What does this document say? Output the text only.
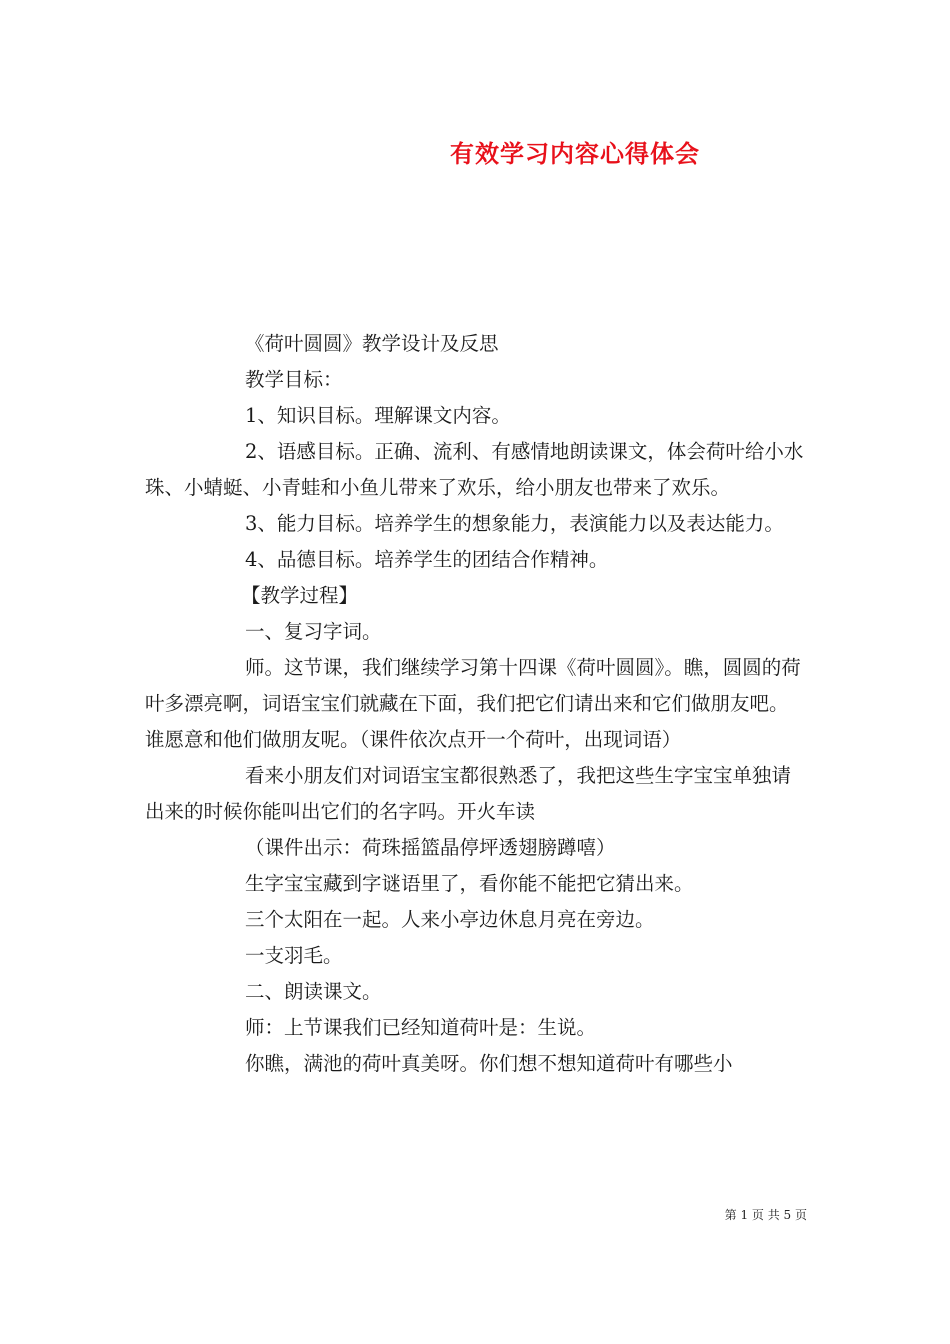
有效学习内容心得体会

《荷叶圆圆》教学设计及反思

教学目标：

1、知识目标。理解课文内容。

2、语感目标。正确、流利、有感情地朗读课文，体会荷叶给小水珠、小蜻蜓、小青蛙和小鱼儿带来了欢乐，给小朋友也带来了欢乐。

3、能力目标。培养学生的想象能力，表演能力以及表达能力。

4、品德目标。培养学生的团结合作精神。

【教学过程】

一、复习字词。

师。这节课，我们继续学习第十四课《荷叶圆圆》。瞧，圆圆的荷叶多漂亮啊，词语宝宝们就藏在下面，我们把它们请出来和它们做朋友吧。谁愿意和他们做朋友呢。（课件依次点开一个荷叶，出现词语）

看来小朋友们对词语宝宝都很熟悉了，我把这些生字宝宝单独请出来的时候你能叫出它们的名字吗。开火车读

（课件出示：荷珠摇篮晶停坪透翅膀蹲嘻）

生字宝宝藏到字谜语里了，看你能不能把它猜出来。

三个太阳在一起。人来小亭边休息月亮在旁边。

一支羽毛。

二、朗读课文。

师：上节课我们已经知道荷叶是：生说。

你瞧，满池的荷叶真美呀。你们想不想知道荷叶有哪些小

第 1 页 共 5 页
